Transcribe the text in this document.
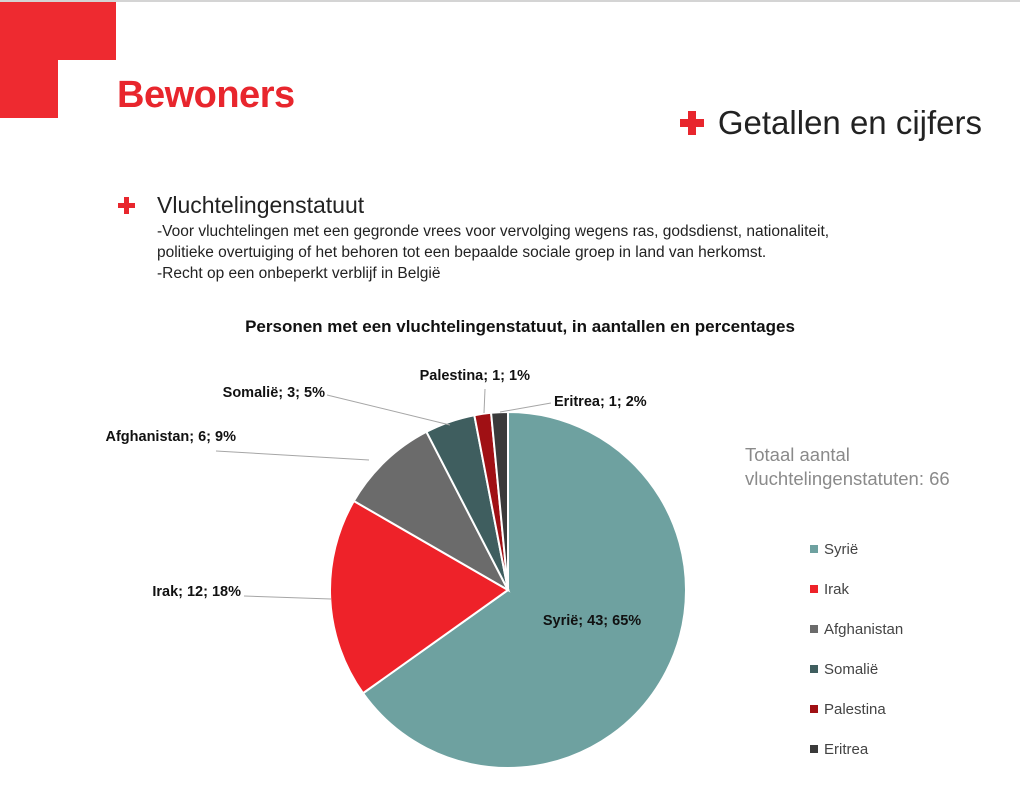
Bewoners
Getallen en cijfers
Vluchtelingenstatuut
-Voor vluchtelingen met een gegronde vrees voor vervolging wegens ras, godsdienst, nationaliteit,
politieke overtuiging of het behoren tot een bepaalde sociale groep in land van herkomst.
-Recht op een onbeperkt verblijf in België
Personen met een vluchtelingenstatuut, in aantallen en percentages
Syrië; 43; 65%
Irak; 12; 18%
Afghanistan; 6; 9%
Somalië; 3; 5%
Palestina; 1; 1%
Eritrea; 1; 2%
Totaal aantal
vluchtelingenstatuten: 66
Syrië
Irak
Afghanistan
Somalië
Palestina
Eritrea
